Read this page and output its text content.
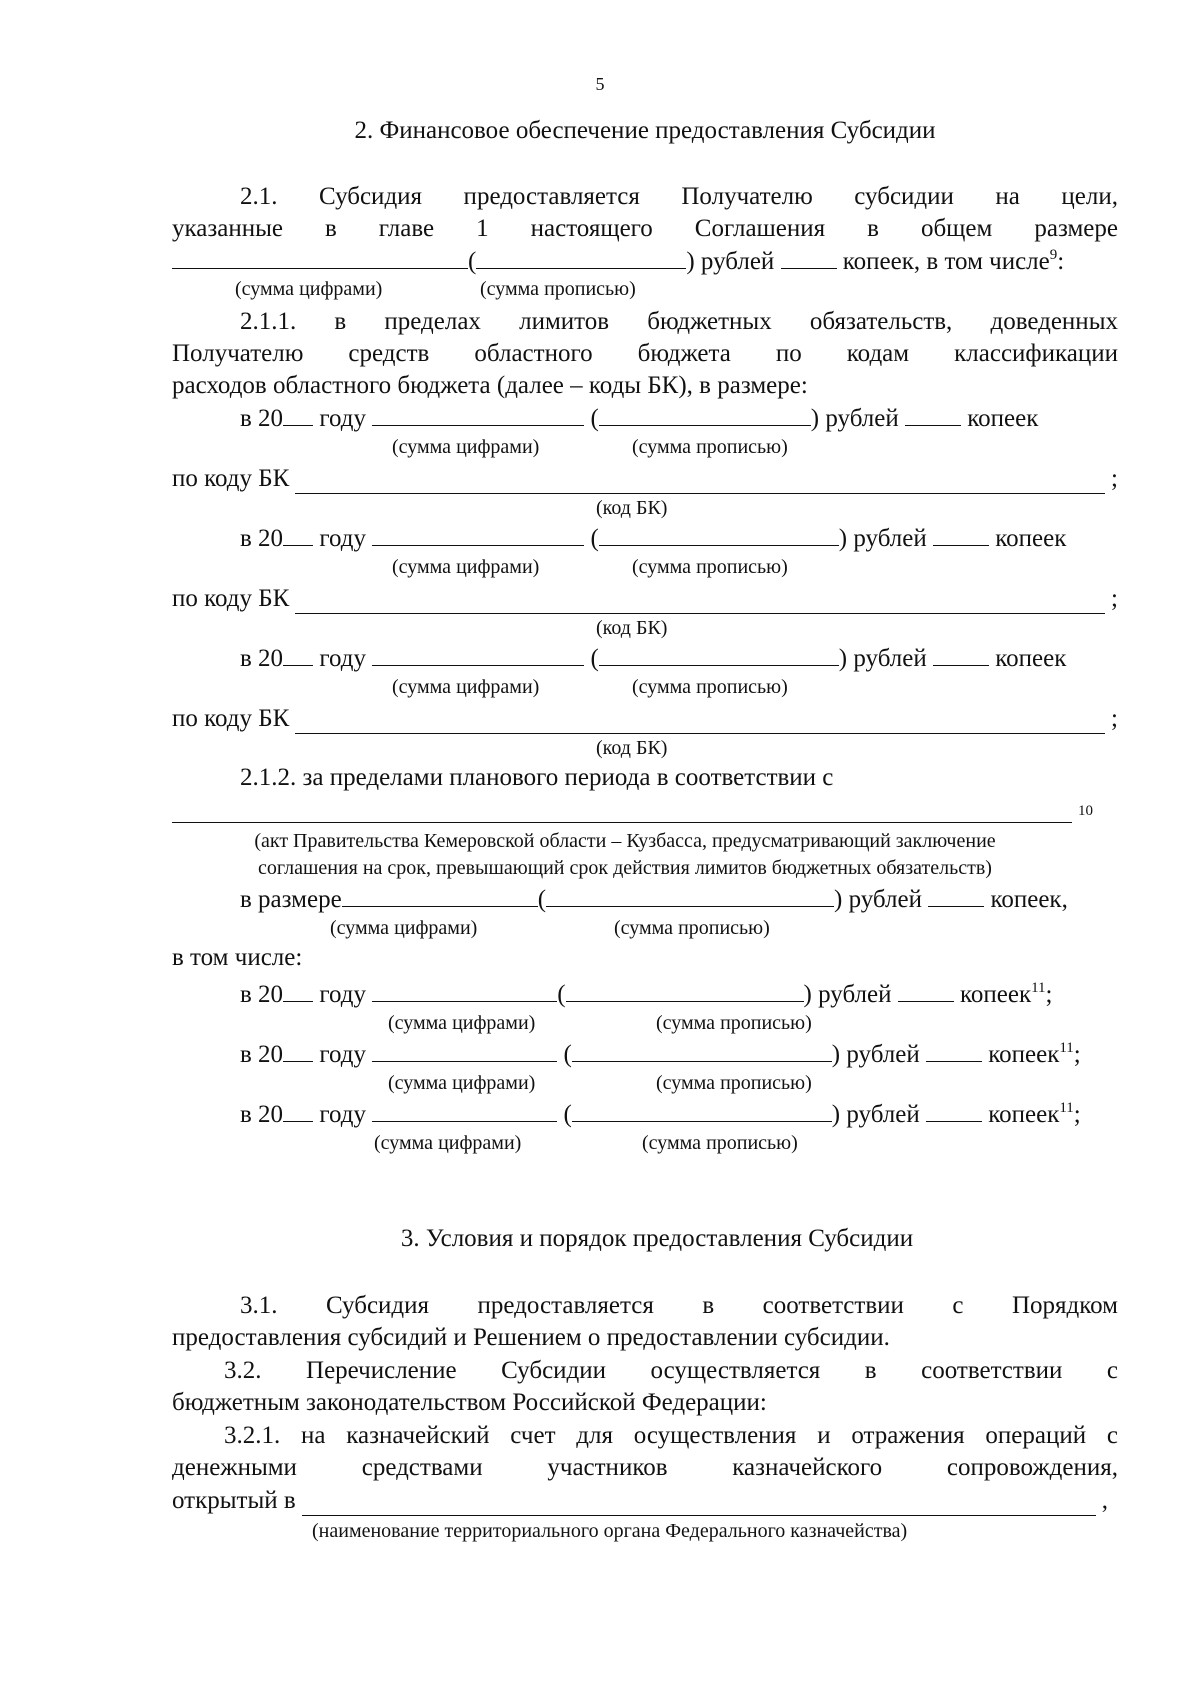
5
2. Финансовое обеспечение предоставления Субсидии
2.1. Субсидия предоставляется Получателю субсидии на цели,
указанные в главе 1 настоящего Соглашения в общем размере
(	) рублей	копеек, в том числе$^9$:
(сумма цифрами)	(сумма прописью)
2.1.1. в пределах лимитов бюджетных обязательств, доведенных
Получателю средств областного бюджета по кодам классификации
расходов областного бюджета (далее – коды БК), в размере:
в 20 году	(	) рублей	копеек
(сумма цифрами)	(сумма прописью)
по коду БК	;
(код БК)
в 20 году	(	) рублей	копеек
(сумма цифрами)	(сумма прописью)
по коду БК	;
(код БК)
в 20 году	(	) рублей	копеек
(сумма цифрами)	(сумма прописью)
по коду БК	;
(код БК)
2.1.2. за пределами планового периода в соответствии с
10
(акт Правительства Кемеровской области – Кузбасса, предусматривающий заключение
соглашения на срок, превышающий срок действия лимитов бюджетных обязательств)
в размере	(	) рублей	копеек,
(сумма цифрами)	(сумма прописью)
в том числе:
в 20 году	(	) рублей	копеек$^{11}$;
(сумма цифрами)	(сумма прописью)
в 20 году	(	) рублей	копеек$^{11}$;
(сумма цифрами)	(сумма прописью)
в 20 году	(	) рублей	копеек$^{11}$;
(сумма цифрами)	(сумма прописью)
3. Условия и порядок предоставления Субсидии
3.1. Субсидия предоставляется в соответствии с Порядком
предоставления субсидий и Решением о предоставлении субсидии.
3.2. Перечисление Субсидии осуществляется в соответствии с
бюджетным законодательством Российской Федерации:
3.2.1. на казначейский счет для осуществления и отражения операций с
денежными средствами участников казначейского сопровождения,
открытый в	,
(наименование территориального органа Федерального казначейства)
